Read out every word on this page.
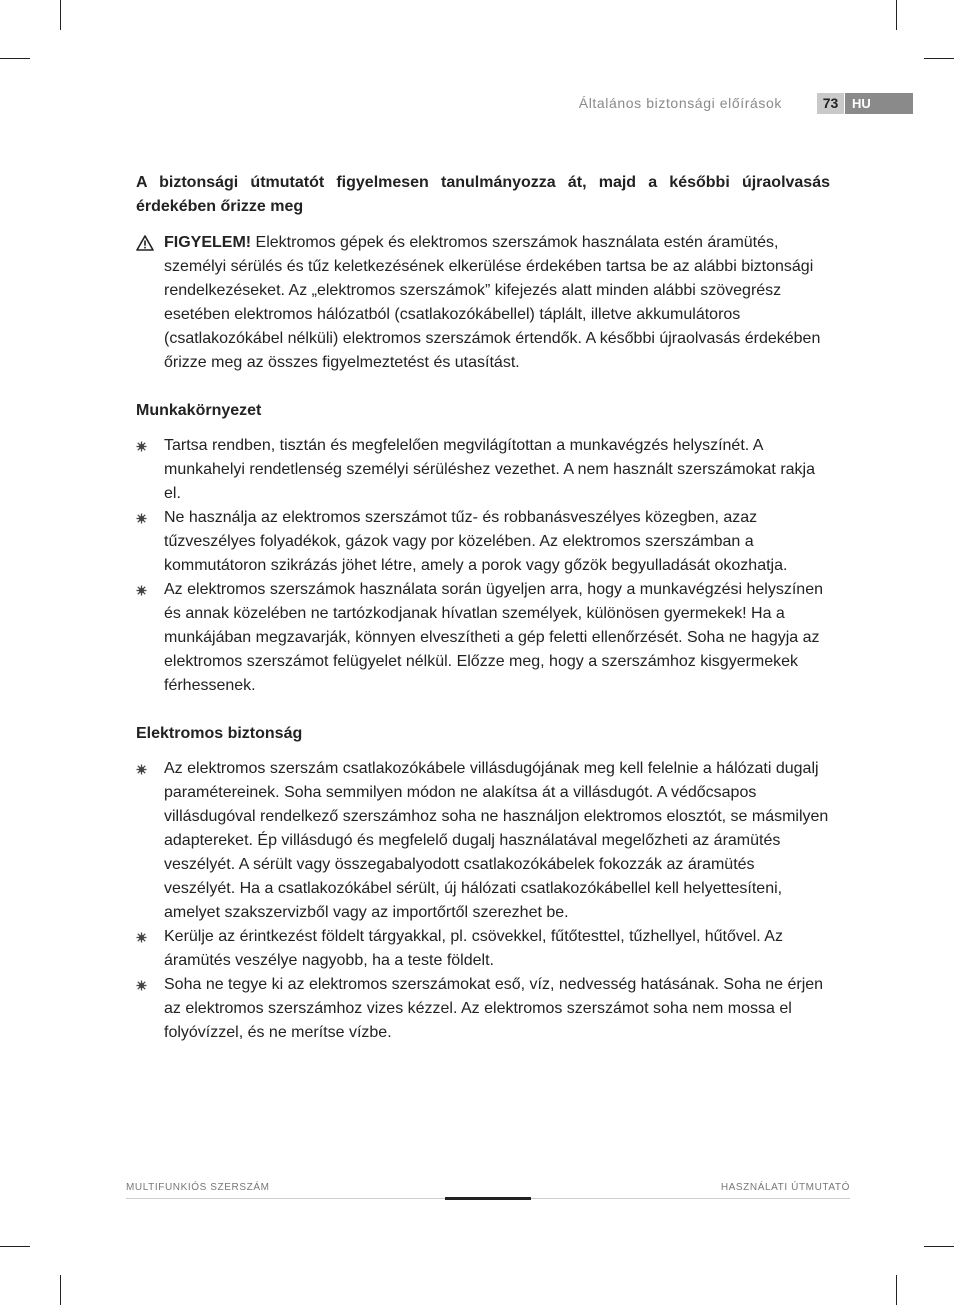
Általános biztonsági előírások	73	HU

A biztonsági útmutatót figyelmesen tanulmányozza át, majd a későbbi újraolvasás érdekében őrizze meg

FIGYELEM! Elektromos gépek és elektromos szerszámok használata estén áramütés, személyi sérülés és tűz keletkezésének elkerülése érdekében tartsa be az alábbi biztonsági rendelkezéseket. Az „elektromos szerszámok” kifejezés alatt minden alábbi szövegrész esetében elektromos hálózatból (csatlakozókábellel) táplált, illetve akkumulátoros (csatlakozókábel nélküli) elektromos szerszámok értendők. A későbbi újraolvasás érdekében őrizze meg az összes figyelmeztetést és utasítást.
Munkakörnyezet
Tartsa rendben, tisztán és megfelelően megvilágítottan a munkavégzés helyszínét. A munkahelyi rendetlenség személyi sérüléshez vezethet. A nem használt szerszámokat rakja el.
Ne használja az elektromos szerszámot tűz- és robbanásveszélyes közegben, azaz tűzveszélyes folyadékok, gázok vagy por közelében. Az elektromos szerszámban a kommutátoron szikrázás jöhet létre, amely a porok vagy gőzök begyulladását okozhatja.
Az elektromos szerszámok használata során ügyeljen arra, hogy a munkavégzési helyszínen és annak közelében ne tartózkodjanak hívatlan személyek, különösen gyermekek! Ha a munkájában megzavarják, könnyen elveszítheti a gép feletti ellenőrzését. Soha ne hagyja az elektromos szerszámot felügyelet nélkül. Előzze meg, hogy a szerszámhoz kisgyermekek férhessenek.
Elektromos biztonság
Az elektromos szerszám csatlakozókábele villásdugójának meg kell felelnie a hálózati dugalj paramétereinek. Soha semmilyen módon ne alakítsa át a villásdugót. A védőcsapos villásdugóval rendelkező szerszámhoz soha ne használjon elektromos elosztót, se másmilyen adaptereket. Ép villásdugó és megfelelő dugalj használatával megelőzheti az áramütés veszélyét. A sérült vagy összegabalyodott csatlakozókábelek fokozzák az áramütés veszélyét. Ha a csatlakozókábel sérült, új hálózati csatlakozókábellel kell helyettesíteni, amelyet szakszervizből vagy az importőrtől szerezhet be.
Kerülje az érintkezést földelt tárgyakkal, pl. csövekkel, fűtőtesttel, tűzhellyel, hűtővel. Az áramütés veszélye nagyobb, ha a teste földelt.
Soha ne tegye ki az elektromos szerszámokat eső, víz, nedvesség hatásának. Soha ne érjen az elektromos szerszámhoz vizes kézzel. Az elektromos szerszámot soha nem mossa el folyóvízzel, és ne merítse vízbe.
MULTIFUNKIÓS SZERSZÁM	HASZNÁLATI ÚTMUTATÓ
